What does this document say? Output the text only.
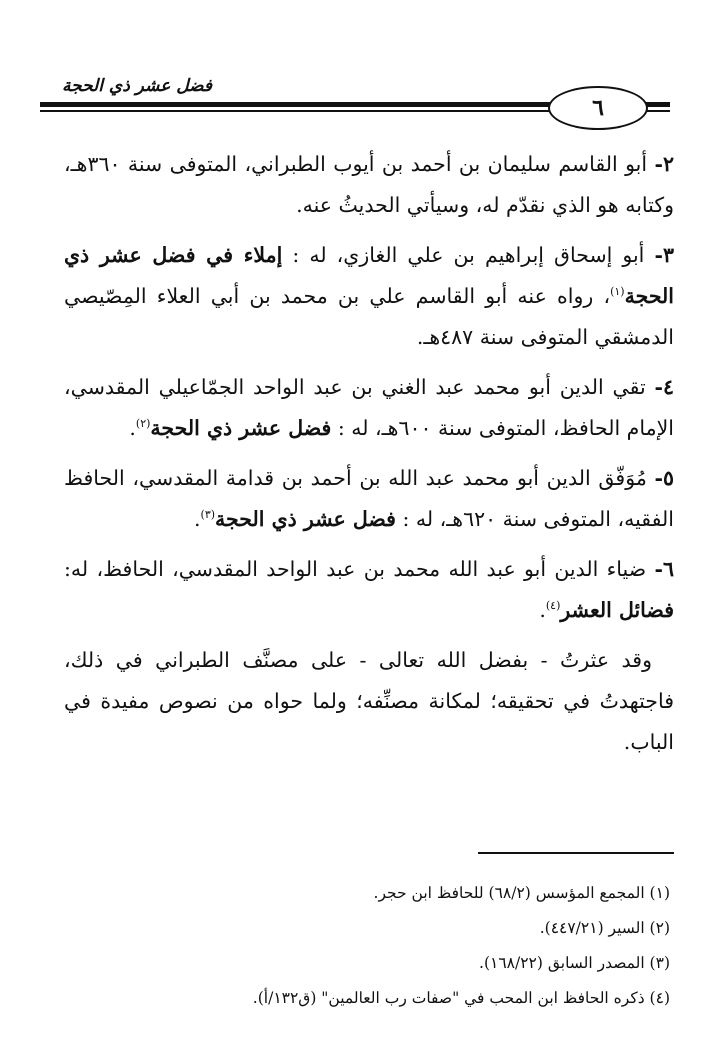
فضل عشر ذي الحجة
٦

٢- أبو القاسم سليمان بن أحمد بن أيوب الطبراني، المتوفى سنة ٣٦٠هـ، وكتابه هو الذي نقدّم له، وسيأتي الحديثُ عنه.

٣- أبو إسحاق إبراهيم بن علي الغازي، له : إملاء في فضل عشر ذي الحجة$^{(١)}$، رواه عنه أبو القاسم علي بن محمد بن أبي العلاء المِصّيصي الدمشقي المتوفى سنة ٤٨٧هـ.

٤- تقي الدين أبو محمد عبد الغني بن عبد الواحد الجمّاعيلي المقدسي، الإمام الحافظ، المتوفى سنة ٦٠٠هـ، له : فضل عشر ذي الحجة$^{(٢)}$.

٥- مُوَفّق الدين أبو محمد عبد الله بن أحمد بن قدامة المقدسي، الحافظ الفقيه، المتوفى سنة ٦٢٠هـ، له : فضل عشر ذي الحجة$^{(٣)}$.

٦- ضياء الدين أبو عبد الله محمد بن عبد الواحد المقدسي، الحافظ، له: فضائل العشر$^{(٤)}$.

وقد عثرتُ - بفضل الله تعالى - على مصنَّف الطبراني في ذلك، فاجتهدتُ في تحقيقه؛ لمكانة مصنِّفه؛ ولما حواه من نصوص مفيدة في الباب.

(١) المجمع المؤسس (٦٨/٢) للحافظ ابن حجر.
(٢) السير (٤٤٧/٢١).
(٣) المصدر السابق (١٦٨/٢٢).
(٤) ذكره الحافظ ابن المحب في "صفات رب العالمين" (ق١٣٢/أ).
